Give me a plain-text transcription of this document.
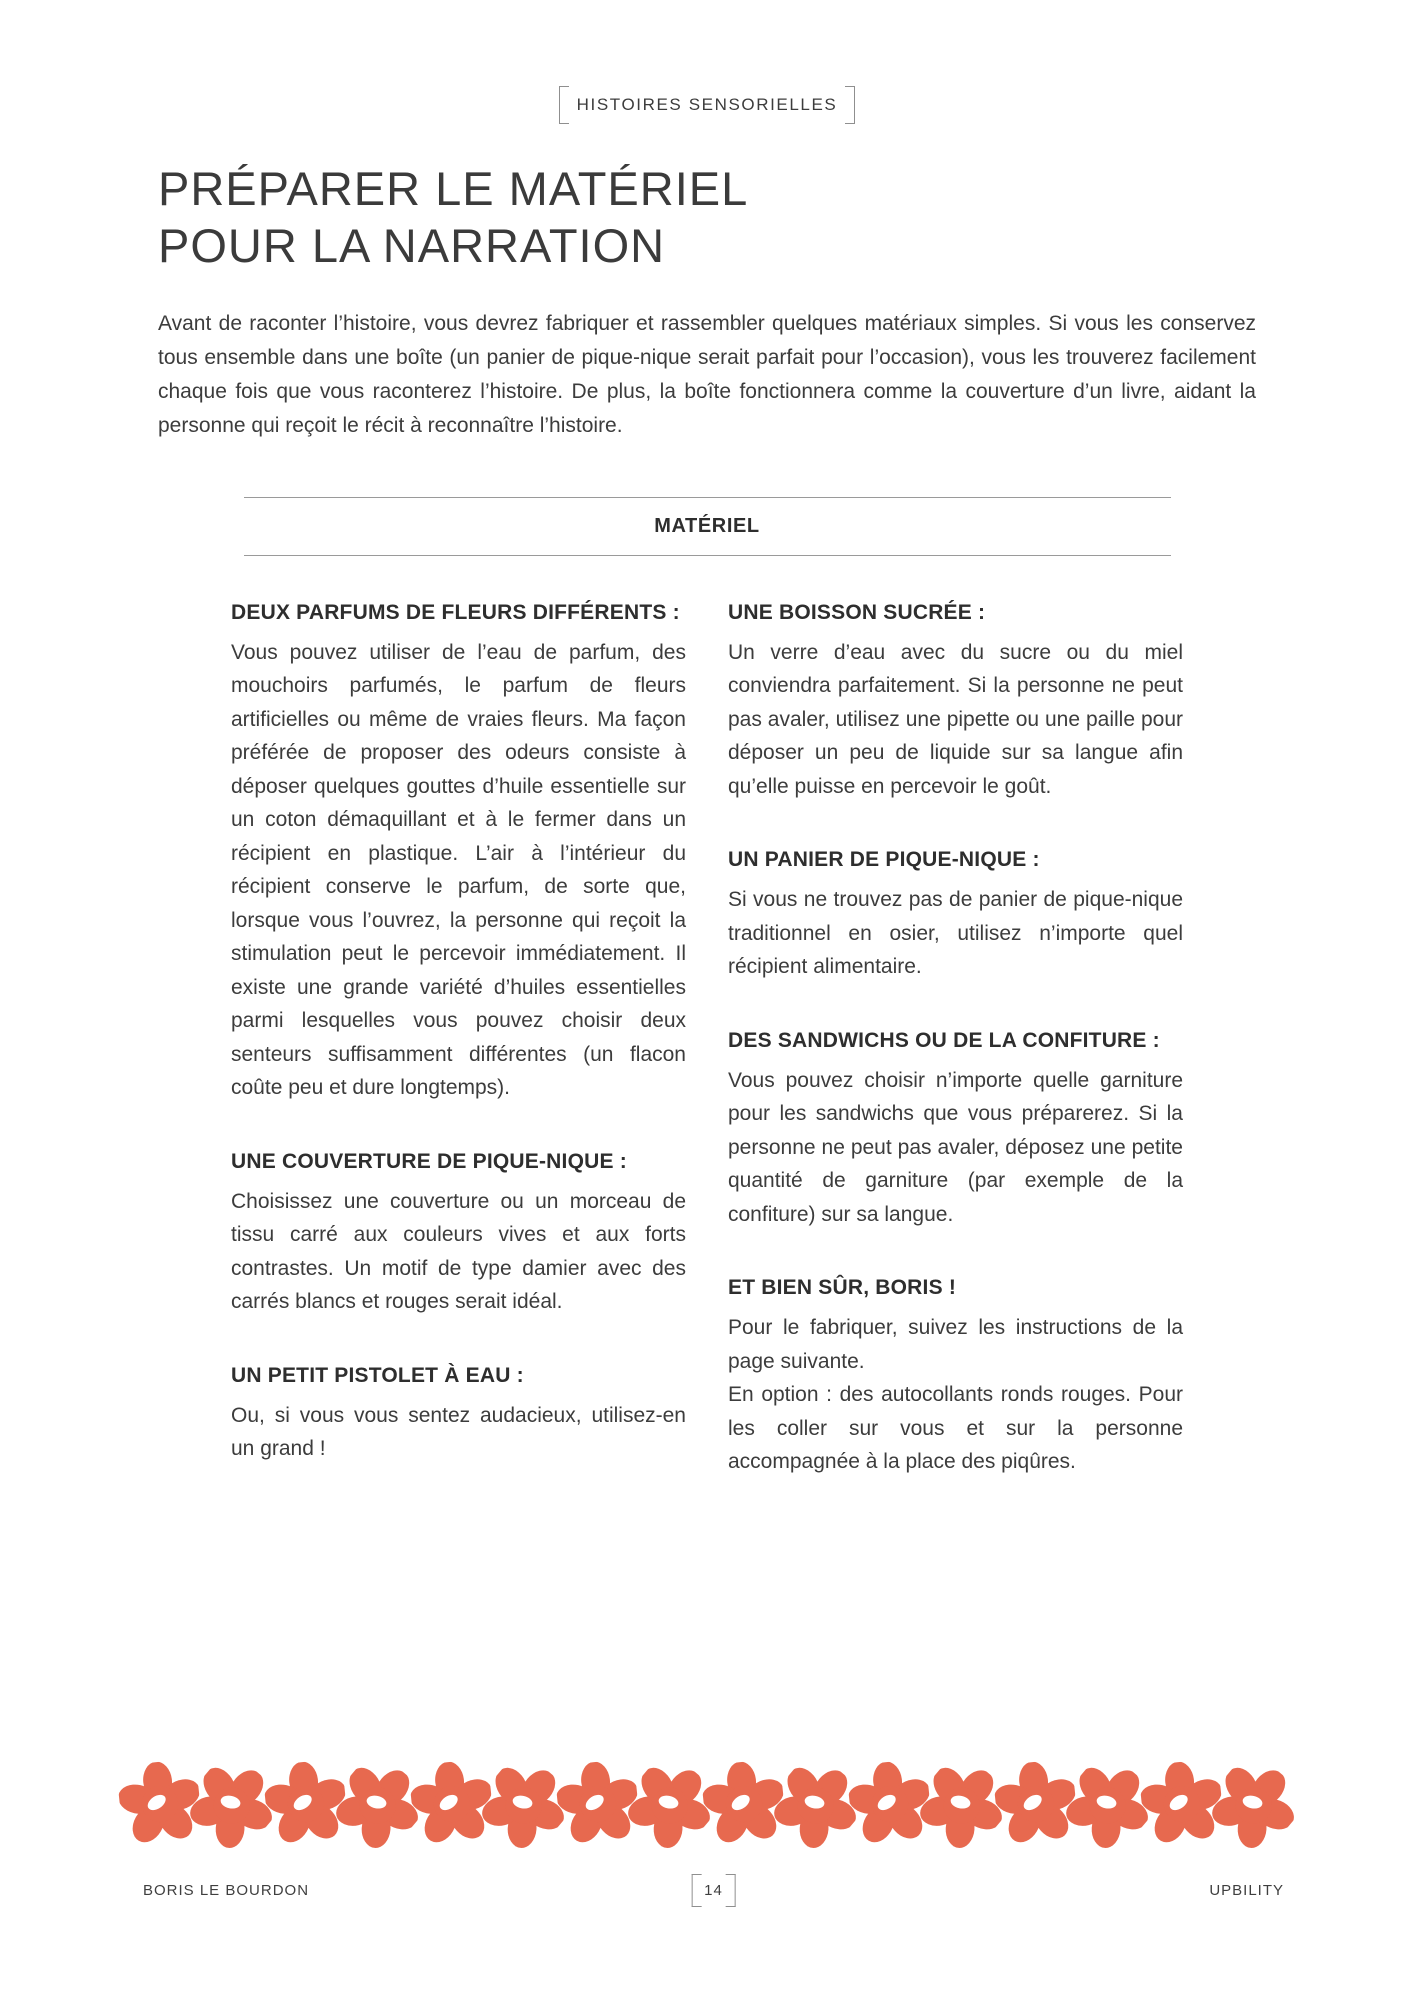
HISTOIRES SENSORIELLES
PRÉPARER LE MATÉRIEL
POUR LA NARRATION

Avant de raconter l’histoire, vous devrez fabriquer et rassembler quelques matériaux simples. Si vous les conservez tous ensemble dans une boîte (un panier de pique-nique serait parfait pour l’occasion), vous les trouverez facilement chaque fois que vous raconterez l’histoire. De plus, la boîte fonctionnera comme la couverture d’un livre, aidant la personne qui reçoit le récit à reconnaître l’histoire.

MATÉRIEL
DEUX PARFUMS DE FLEURS DIFFÉRENTS :

Vous pouvez utiliser de l’eau de parfum, des mouchoirs parfumés, le parfum de fleurs artificielles ou même de vraies fleurs. Ma façon préférée de proposer des odeurs consiste à déposer quelques gouttes d’huile essentielle sur un coton démaquillant et à le fermer dans un récipient en plastique. L’air à l’intérieur du récipient conserve le parfum, de sorte que, lorsque vous l’ouvrez, la personne qui reçoit la stimulation peut le percevoir immédiatement. Il existe une grande variété d’huiles essentielles parmi lesquelles vous pouvez choisir deux senteurs suffisamment différentes (un flacon coûte peu et dure longtemps).

UNE COUVERTURE DE PIQUE-NIQUE :

Choisissez une couverture ou un morceau de tissu carré aux couleurs vives et aux forts contrastes. Un motif de type damier avec des carrés blancs et rouges serait idéal.

UN PETIT PISTOLET À EAU :

Ou, si vous vous sentez audacieux, utilisez-en un grand !

UNE BOISSON SUCRÉE :

Un verre d’eau avec du sucre ou du miel conviendra parfaitement. Si la personne ne peut pas avaler, utilisez une pipette ou une paille pour déposer un peu de liquide sur sa langue afin qu’elle puisse en percevoir le goût.

UN PANIER DE PIQUE-NIQUE :

Si vous ne trouvez pas de panier de pique-nique traditionnel en osier, utilisez n’importe quel récipient alimentaire.

DES SANDWICHS OU DE LA CONFITURE :

Vous pouvez choisir n’importe quelle garniture pour les sandwichs que vous préparerez. Si la personne ne peut pas avaler, déposez une petite quantité de garniture (par exemple de la confiture) sur sa langue.

ET BIEN SÛR, BORIS !

Pour le fabriquer, suivez les instructions de la page suivante.

En option : des autocollants ronds rouges. Pour les coller sur vous et sur la personne accompagnée à la place des piqûres.

BORIS LE BOURDON	14	UPBILITY
